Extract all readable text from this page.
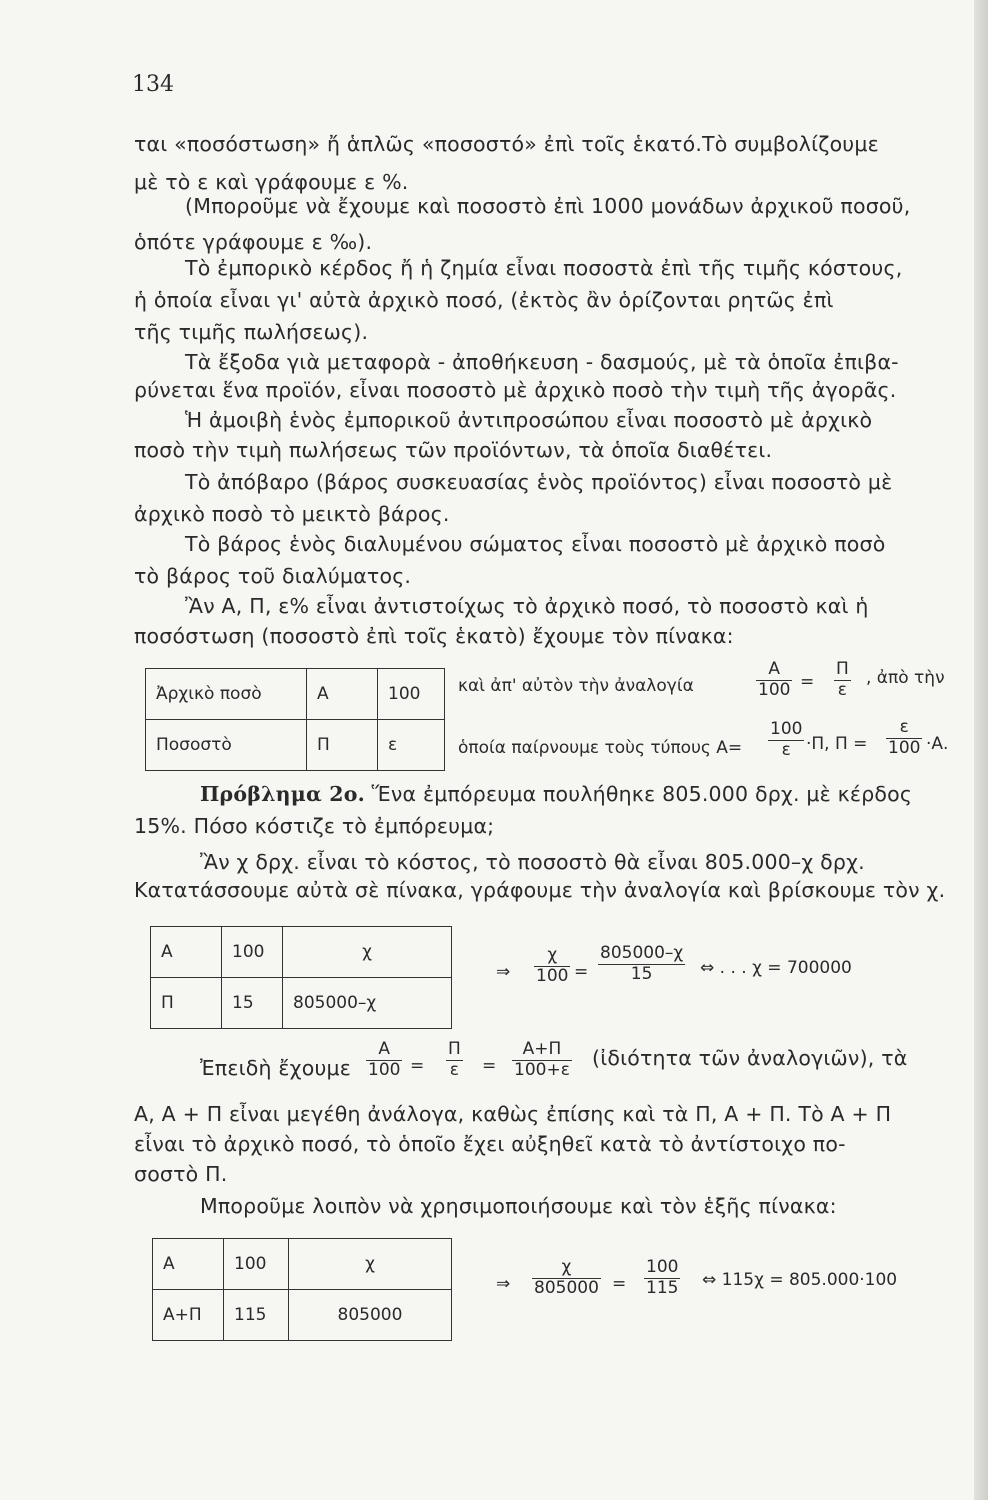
134
ται «ποσόστωση» ἤ ἁπλῶς «ποσοστό» ἐπὶ τοῖς ἑκατό.Τὸ συμβολίζουμε
μὲ τὸ ε καὶ γράφουμε ε %.
(Μποροῦμε νὰ ἔχουμε καὶ ποσοστὸ ἐπὶ 1000 μονάδων ἀρχικοῦ ποσοῦ,
ὁπότε γράφουμε ε ‰).
Τὸ ἐμπορικὸ κέρδος ἤ ἡ ζημία εἶναι ποσοστὰ ἐπὶ τῆς τιμῆς κόστους,
ἡ ὁποία εἶναι γι' αὐτὰ ἀρχικὸ ποσό, (ἐκτὸς ἂν ὁρίζονται ρητῶς ἐπὶ
τῆς τιμῆς πωλήσεως).
Τὰ ἔξοδα γιὰ μεταφορὰ - ἀποθήκευση - δασμούς, μὲ τὰ ὁποῖα ἐπιβα-
ρύνεται ἕνα προϊόν, εἶναι ποσοστὸ μὲ ἀρχικὸ ποσὸ τὴν τιμὴ τῆς ἀγορᾶς.
Ἡ ἀμοιβὴ ἑνὸς ἐμπορικοῦ ἀντιπροσώπου εἶναι ποσοστὸ μὲ ἀρχικὸ
ποσὸ τὴν τιμὴ πωλήσεως τῶν προϊόντων, τὰ ὁποῖα διαθέτει.
Τὸ ἀπόβαρο (βάρος συσκευασίας ἑνὸς προϊόντος) εἶναι ποσοστὸ μὲ
ἀρχικὸ ποσὸ τὸ μεικτὸ βάρος.
Τὸ βάρος ἑνὸς διαλυμένου σώματος εἶναι ποσοστὸ μὲ ἀρχικὸ ποσὸ
τὸ βάρος τοῦ διαλύματος.
Ἂν Α, Π, ε% εἶναι ἀντιστοίχως τὸ ἀρχικὸ ποσό, τὸ ποσοστὸ καὶ ἡ
ποσόστωση (ποσοστὸ ἐπὶ τοῖς ἑκατὸ) ἔχουμε τὸν πίνακα:
Ἀρχικὸ ποσὸ	Α	100
Ποσοστὸ	Π	ε
καὶ ἀπ' αὐτὸν τὴν ἀναλογία	$\frac{A}{100} = \frac{\Pi}{\varepsilon}$ , ἀπὸ τὴν
ὁποία παίρνουμε τοὺς τύπους $A= \frac{100}{\varepsilon} \cdot\Pi$, $\Pi = \frac{\varepsilon}{100} \cdot A$.
Πρόβλημα 2ο. Ἕνα ἐμπόρευμα πουλήθηκε 805.000 δρχ. μὲ κέρδος
15%. Πόσο κόστιζε τὸ ἐμπόρευμα;
Ἂν χ δρχ. εἶναι τὸ κόστος, τὸ ποσοστὸ θὰ εἶναι 805.000–χ δρχ.
Κατατάσσουμε αὐτὰ σὲ πίνακα, γράφουμε τὴν ἀναλογία καὶ βρίσκουμε τὸν χ.
Α	100	χ
Π	15	805000–χ
⇒ $\frac{\chi}{100} = \frac{805000-\chi}{15}$ ⇔ . . . χ = 700000
Ἐπειδὴ ἔχουμε $\frac{A}{100} = \frac{\Pi}{\varepsilon} = \frac{A+\Pi}{100+\varepsilon}$ (ἰδιότητα τῶν ἀναλογιῶν), τὰ
Α, Α + Π εἶναι μεγέθη ἀνάλογα, καθὼς ἐπίσης καὶ τὰ Π, Α + Π. Τὸ Α + Π
εἶναι τὸ ἀρχικὸ ποσό, τὸ ὁποῖο ἔχει αὐξηθεῖ κατὰ τὸ ἀντίστοιχο πο-
σοστὸ Π.
Μποροῦμε λοιπὸν νὰ χρησιμοποιήσουμε καὶ τὸν ἑξῆς πίνακα:
Α	100	χ
Α+Π	115	805000
⇒ $\frac{\chi}{805000} = \frac{100}{115}$ ⇔ 115χ = 805.000·100
